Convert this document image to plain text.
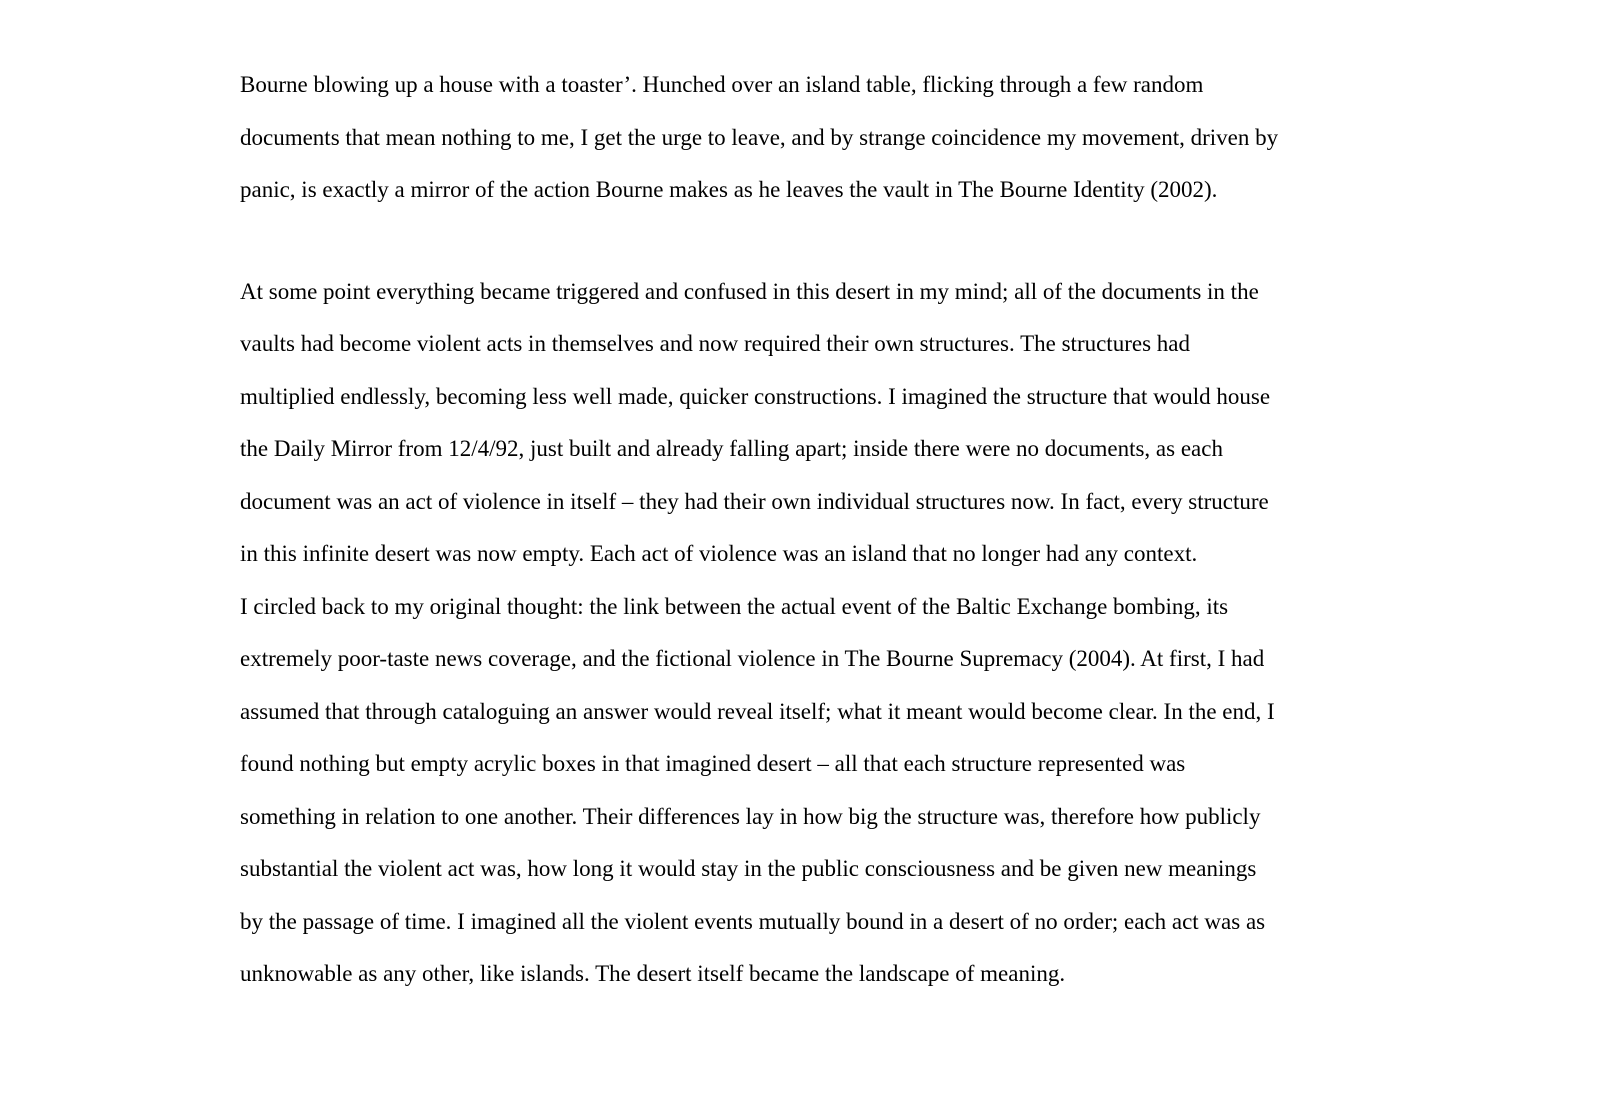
Bourne blowing up a house with a toaster’. Hunched over an island table, flicking through a few random
documents that mean nothing to me, I get the urge to leave, and by strange coincidence my movement, driven by
panic, is exactly a mirror of the action Bourne makes as he leaves the vault in The Bourne Identity (2002).
At some point everything became triggered and confused in this desert in my mind; all of the documents in the
vaults had become violent acts in themselves and now required their own structures. The structures had
multiplied endlessly, becoming less well made, quicker constructions. I imagined the structure that would house
the Daily Mirror from 12/4/92, just built and already falling apart; inside there were no documents, as each
document was an act of violence in itself – they had their own individual structures now. In fact, every structure
in this infinite desert was now empty. Each act of violence was an island that no longer had any context.
I circled back to my original thought: the link between the actual event of the Baltic Exchange bombing, its
extremely poor-taste news coverage, and the fictional violence in The Bourne Supremacy (2004). At first, I had
assumed that through cataloguing an answer would reveal itself; what it meant would become clear. In the end, I
found nothing but empty acrylic boxes in that imagined desert – all that each structure represented was
something in relation to one another. Their differences lay in how big the structure was, therefore how publicly
substantial the violent act was, how long it would stay in the public consciousness and be given new meanings
by the passage of time. I imagined all the violent events mutually bound in a desert of no order; each act was as
unknowable as any other, like islands. The desert itself became the landscape of meaning.
